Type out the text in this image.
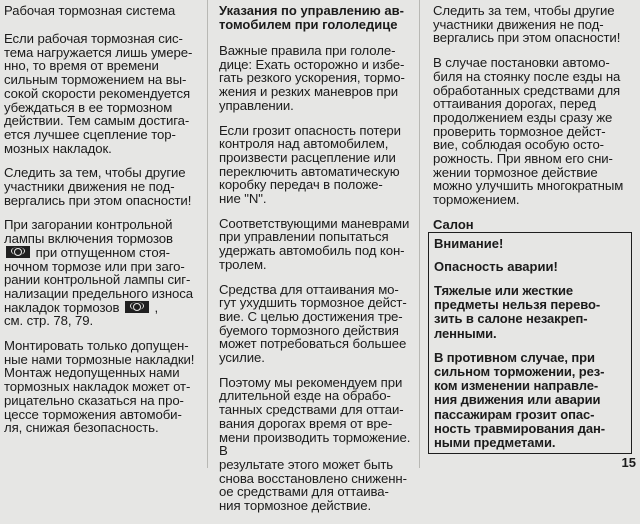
Рабочая тормозная система
Если рабочая тормозная сис-
тема нагружается лишь умере-
нно, то время от времени
сильным торможением на вы-
сокой скорости рекомендуется
убеждаться в ее тормозном
действии. Тем самым достига-
ется лучшее сцепление тор-
мозных накладок.
Следить за тем, чтобы другие
участники движения не под-
вергались при этом опасности!
При загорании контрольной
лампы включения тормозов
при отпущенном стоя-
ночном тормозе или при заго-
рании контрольной лампы сиг-
нализации предельного износа
накладок тормозов	,
см. стр. 78, 79.
Монтировать только допущен-
ные нами тормозные накладки!
Монтаж недопущенных нами
тормозных накладок может от-
рицательно сказаться на про-
цессе торможения автомоби-
ля, снижая безопасность.
Указания по управлению ав-
томобилем при гололедице
Важные правила при гололе-
дице: Ехать осторожно и избе-
гать резкого ускорения, тормо-
жения и резких маневров при
управлении.
Если грозит опасность потери
контроля над автомобилем,
произвести расцепление или
переключить автоматическую
коробку передач в положе-
ние "N".
Соответствующими маневрами
при управлении попытаться
удержать автомобиль под кон-
тролем.
Средства для оттаивания мо-
гут ухудшить тормозное дейст-
вие. С целью достижения тре-
буемого тормозного действия
может потребоваться большее
усилие.
Поэтому мы рекомендуем при
длительной езде на обрабо-
танных средствами для оттаи-
вания дорогах время от вре-
мени производить торможение. В
результате этого может быть
снова восстановлено сниженн-
ое средствами для оттаива-
ния тормозное действие.
Следить за тем, чтобы другие
участники движения не под-
вергались при этом опасности!
В случае постановки автомо-
биля на стоянку после езды на
обработанных средствами для
оттаивания дорогах, перед
продолжением езды сразу же
проверить тормозное дейст-
вие, соблюдая особую осто-
рожность. При явном его сни-
жении тормозное действие
можно улучшить многократным
торможением.
Салон
Внимание!
Опасность аварии!
Тяжелые или жесткие
предметы нельзя перево-
зить в салоне незакреп-
ленными.
В противном случае, при
сильном торможении, рез-
ком изменении направле-
ния движения или аварии
пассажирам грозит опас-
ность травмирования дан-
ными предметами.
15
